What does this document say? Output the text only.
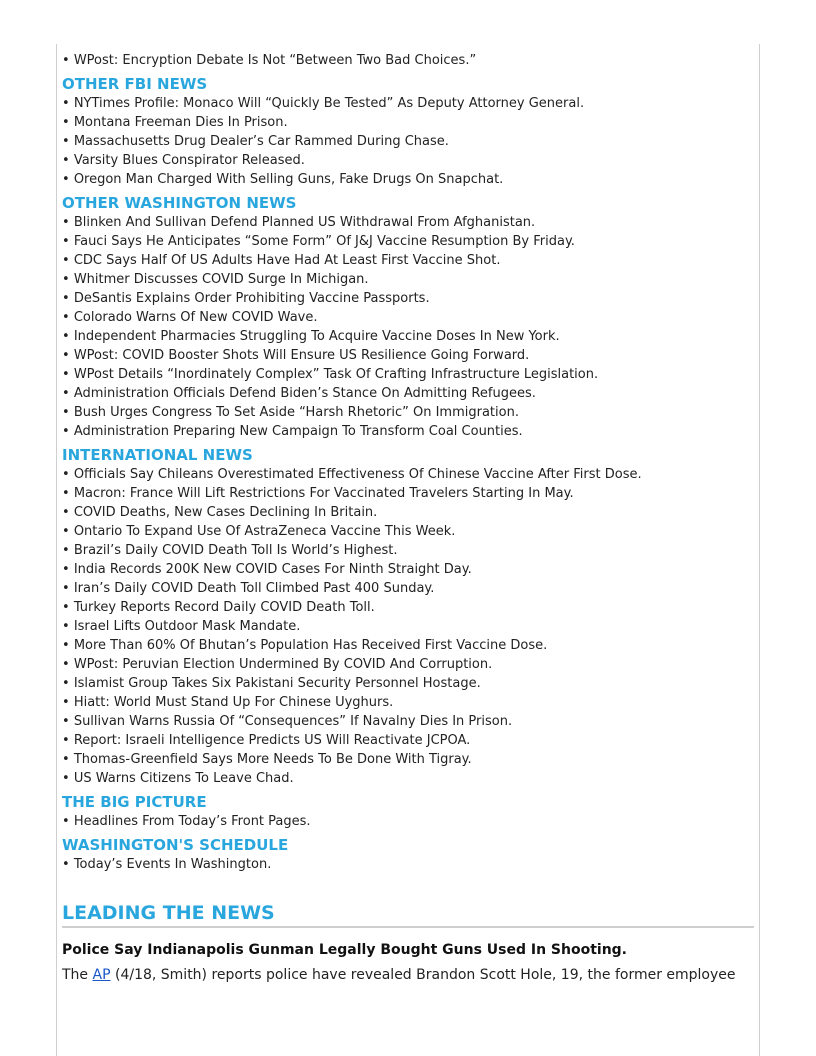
• WPost: Encryption Debate Is Not “Between Two Bad Choices.”
OTHER FBI NEWS
• NYTimes Profile: Monaco Will “Quickly Be Tested” As Deputy Attorney General.
• Montana Freeman Dies In Prison.
• Massachusetts Drug Dealer’s Car Rammed During Chase.
• Varsity Blues Conspirator Released.
• Oregon Man Charged With Selling Guns, Fake Drugs On Snapchat.
OTHER WASHINGTON NEWS
• Blinken And Sullivan Defend Planned US Withdrawal From Afghanistan.
• Fauci Says He Anticipates “Some Form” Of J&J Vaccine Resumption By Friday.
• CDC Says Half Of US Adults Have Had At Least First Vaccine Shot.
• Whitmer Discusses COVID Surge In Michigan.
• DeSantis Explains Order Prohibiting Vaccine Passports.
• Colorado Warns Of New COVID Wave.
• Independent Pharmacies Struggling To Acquire Vaccine Doses In New York.
• WPost: COVID Booster Shots Will Ensure US Resilience Going Forward.
• WPost Details “Inordinately Complex” Task Of Crafting Infrastructure Legislation.
• Administration Officials Defend Biden’s Stance On Admitting Refugees.
• Bush Urges Congress To Set Aside “Harsh Rhetoric” On Immigration.
• Administration Preparing New Campaign To Transform Coal Counties.
INTERNATIONAL NEWS
• Officials Say Chileans Overestimated Effectiveness Of Chinese Vaccine After First Dose.
• Macron: France Will Lift Restrictions For Vaccinated Travelers Starting In May.
• COVID Deaths, New Cases Declining In Britain.
• Ontario To Expand Use Of AstraZeneca Vaccine This Week.
• Brazil’s Daily COVID Death Toll Is World’s Highest.
• India Records 200K New COVID Cases For Ninth Straight Day.
• Iran’s Daily COVID Death Toll Climbed Past 400 Sunday.
• Turkey Reports Record Daily COVID Death Toll.
• Israel Lifts Outdoor Mask Mandate.
• More Than 60% Of Bhutan’s Population Has Received First Vaccine Dose.
• WPost: Peruvian Election Undermined By COVID And Corruption.
• Islamist Group Takes Six Pakistani Security Personnel Hostage.
• Hiatt: World Must Stand Up For Chinese Uyghurs.
• Sullivan Warns Russia Of “Consequences” If Navalny Dies In Prison.
• Report: Israeli Intelligence Predicts US Will Reactivate JCPOA.
• Thomas-Greenfield Says More Needs To Be Done With Tigray.
• US Warns Citizens To Leave Chad.
THE BIG PICTURE
• Headlines From Today’s Front Pages.
WASHINGTON'S SCHEDULE
• Today’s Events In Washington.
LEADING THE NEWS
Police Say Indianapolis Gunman Legally Bought Guns Used In Shooting.
The AP (4/18, Smith) reports police have revealed Brandon Scott Hole, 19, the former employee
